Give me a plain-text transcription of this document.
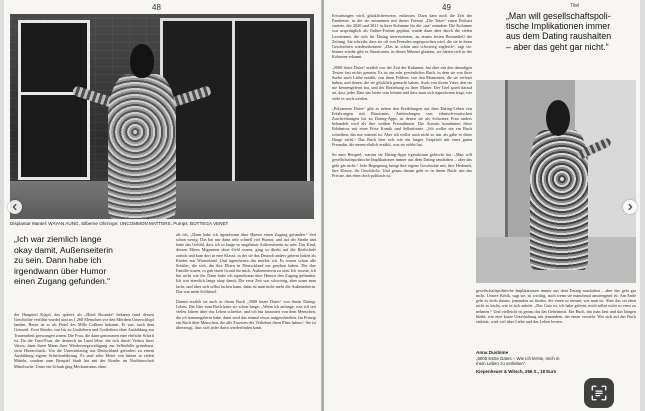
48
Displantar Mantel: WAYAN AUNG, Silberne Ohrringe: UNCOMMON MATTERS, Pumps: BOTTEGA VENET
„Ich war ziemlich lange
okay damit, Außenseiterin
zu sein. Dann habe ich
irgendwann über Humor
einen Zugang gefunden.“
der Hauptteil Kögel, das spätere als „Hotel Rwanda“ bekannt (und dessen Geschichte verfilmt wurde) und an 1.268 Menschen vor den Mördern Unterschlupf fanden. Heute ist er als Hotel des Mille Collines bekannt. Er war, nach dem Genozid. Zwei Kinder, von bis zu Großeltern und Großeltern ohne Ausbildung zur Trauerarbeit gezwungen waren. Die Frau, die dann genommen eine ehrliche Schrift ist. Da die Tutsi-Frau, die dennoch im Land lebte, die sich durch Verlust ihres Vaters, dann ihren Mann ihrer Wiedervergewaltigung zur Selbsthilfe gründeten, stein Hierarchisch. Um die Unterstützung aus Deutschland gefordert zu einem Ausbildung eigene Schriftenführung. Es sind zehn Meter von hinten in vielen Mitteln, sondern zum Beispiel Stadt hat mit der Kinder im Nachbarschaft Mittelsache. Unter ein Urlaub ging Mechanismus ohne.
als ich, „Dann habe ich irgendwann über Humor einen Zugang gefunden.“ Seit schon wenig. Das hat mir dann sehr schnell viel Humor, und auf der Straße und hatte das Gefühl, dass ich so lange so ungeheuer Außenseiterin zu sein. Das Kind, dessen Eltern Migranten ohne Geld waren, ging so direkt auf die Realschule zurück und kam dort in eine Klasse, in der sie das Deutsch anders gelernt hatten als Kinder aus Wärmeland. Und irgendwann das merkte ich. Es waren schon alle Schüler, die sich, die ihre Eltern in Deutschland nie gesehen haben. Die ihre Familie waren, es gab einen Grund für mich, Außenseiterin zu sein. Ich wusste, ich bin nicht wie ihr. Dann habe ich irgendwann über Humor den Zugang gefunden. Ich war ziemlich lange okay damit. Die erste Zeit war schwierig, aber wenn man lacht, und über sich selbst lachen kann, dann ist man nicht mehr die Außenseiterin. Das war mein Schlüssel.

Darum erzählt sie auch in ihrem Buch „5000 letzte Dates“ von ihrem Dating-Leben. Die Idee zum Buch hatte sie schon lange: „Wenn ich anfange, was ich seit vielen Jahren über das Leben schreibe, und ich bin fasziniert von dem Menschen, die ich kennengelernt habe, dann wird das einmal etwas aufgeschrieben. Im Prinzip ein Buch über Menschen, die alle Facetten des Verlieben ihren Platz haben.“ Sie ist überzeugt, dass sich jeder darin wiederfinden kann.
49	Titel
Erwartungen wird, glücklicherweise, entlassen. Dazu kam noch die Zeit der Pandemie, in der sie zusammen mit ihrem Format „Die Tatze“ einen Podcast startete, der 2020 und 2021 in ihrer Kolumne für die „taz“ mündete. Die Kolumne war ursprünglich als Online-Format geplant, wurde dann aber durch die vielen Leserinnen, die sich für Dating interessierten, zu einem festen Bestandteil der Zeitung. Sie schreibt, dass sie oft von Fremden angesprochen wird, die sie in ihren Geschichten wiedererkennen. „Das ist schön und schwierig zugleich“, sagt sie. Immer wieder gibt es Situationen, in denen Männer glauben, sie hätten sich in der Kolumne erkannt.

„5000 letzte Dates“ erzählt von der Zeit der Kolumne, hat aber mit den damaligen Texten fast nichts gemein. Es ist ein sehr persönliches Buch, in dem sie von ihrer Suche nach Liebe erzählt, von ihren Fehlern, von den Momenten, die sie verletzt haben, und denen, die sie glücklich gemacht haben. Auch von ihrem Vater, den sie nie kennengelernt hat, und der Beziehung zu ihrer Mutter. Der Titel spielt darauf an, dass jedes Date das letzte sein könnte und dass man sich irgendwann fragt, wie viele es noch werden.

„Polyamore Dates“ gibt es neben den Erzählungen aus dem Dating-Leben von Erfahrungen mit Rassismus, Anfeindungen von ethnisch-exotischen Zuschreibungen bis zu Dating-Apps, in denen sie als Schwarze Frau anders behandelt wird als ihre weißen Freundinnen. Die Autorin kombiniert diese Erlebnisse mit einer Prise Komik und Selbstironie. „Ich wollte nie ein Buch schreiben, das nur wütend ist. Aber ich wollte auch nicht so tun, als gäbe es diese Dinge nicht.“ Das Buch liest sich wie ein langes Gespräch mit einer guten Freundin, die einem ehrlich erzählt, was sie erlebt hat.

So zum Beispiel, warum sie Dating-Apps irgendwann gelöscht hat. „Man will gesellschaftspolitische Implikationen immer aus dem Dating raushalten – aber das geht gar nicht.“ Jede Begegnung bringt ihre eigene Geschichte mit, ihre Herkunft, ihre Klasse, ihr Geschlecht. Und genau darum geht es in ihrem Buch: um das Private, das eben doch politisch ist.
„Man will gesellschaftspoli-
tische Implikationen immer
aus dem Dating raushalten
– aber das geht gar nicht.“
gesellschaftspolitische Implikationen immer aus dem Dating raushalten – aber das geht gar nicht. Unsere Kritik, sagt sie, ist wichtig, auch wenn sie manchmal anstrengend ist. Am Ende geht es doch darum, jemanden zu finden, der einen so nimmt, wie man ist. Aber das sei eben nicht so leicht, wie es sich anhört. „Das Gute ist, ich habe gelernt, mich selbst nicht so ernst zu nehmen.“ Und vielleicht ist genau das das Geheimnis. Ein Buch, das man liest und das hängen bleibt, wie eine kurze Unterhaltung mit jemandem, der einen versteht. Wer sich auf das Buch einlässt, wird viel über Liebe und das Leben lernen.
Anna Dushime
„5000 letzte Dates – Wie ich lernte, mich in mein Leben zu verlieben“
Kiepenheuer & Witsch, 256 S., 18 Euro
